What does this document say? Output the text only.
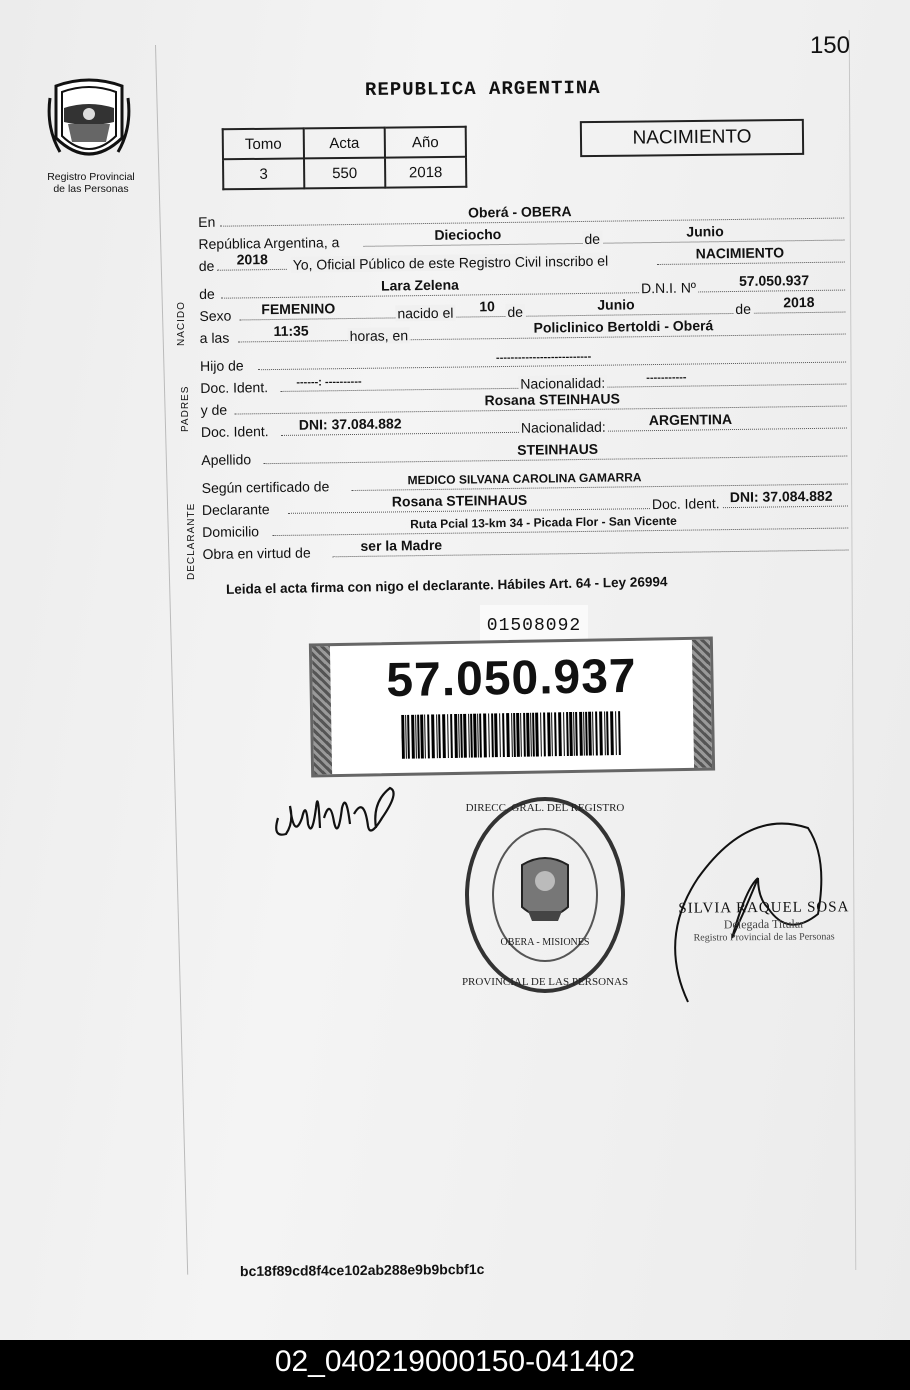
150
Registro Provincial
de las Personas
REPUBLICA ARGENTINA
Tomo	Acta	Año
3	550	2018
NACIMIENTO
En
Oberá - OBERA
República Argentina, a	Dieciocho	de	Junio
de 2018 Yo, Oficial Público de este Registro Civil inscribo el	NACIMIENTO
de
Lara Zelena	D.N.I. Nº	57.050.937
Sexo FEMENINO	nacido el 10 de	Junio	de 2018
a las	11:35	horas, en
Policlinico Bertoldi - Oberá
Hijo de	--------------------------
Doc. Ident.	------: ----------	Nacionalidad:	-----------
y de
Rosana STEINHAUS
Doc. Ident. DNI: 37.084.882	Nacionalidad:	ARGENTINA
Apellido
STEINHAUS
Según certificado de	MEDICO SILVANA CAROLINA GAMARRA
Declarante
Rosana STEINHAUS	Doc. Ident. DNI: 37.084.882
Domicilio
Ruta Pcial 13-km 34 - Picada Flor - San Vicente
Obra en virtud de	ser la Madre
NACIDO
PADRES
DECLARANTE
Leida el acta firma con nigo el declarante. Hábiles Art. 64 - Ley 26994
01508092
57.050.937
DIRECC. GRAL. DEL REGISTRO
PROVINCIAL DE LAS PERSONAS
OBERA - MISIONES
SILVIA RAQUEL SOSA
Delegada Titular
Registro Provincial de las Personas
bc18f89cd8f4ce102ab288e9b9bcbf1c
02_040219000150-041402
